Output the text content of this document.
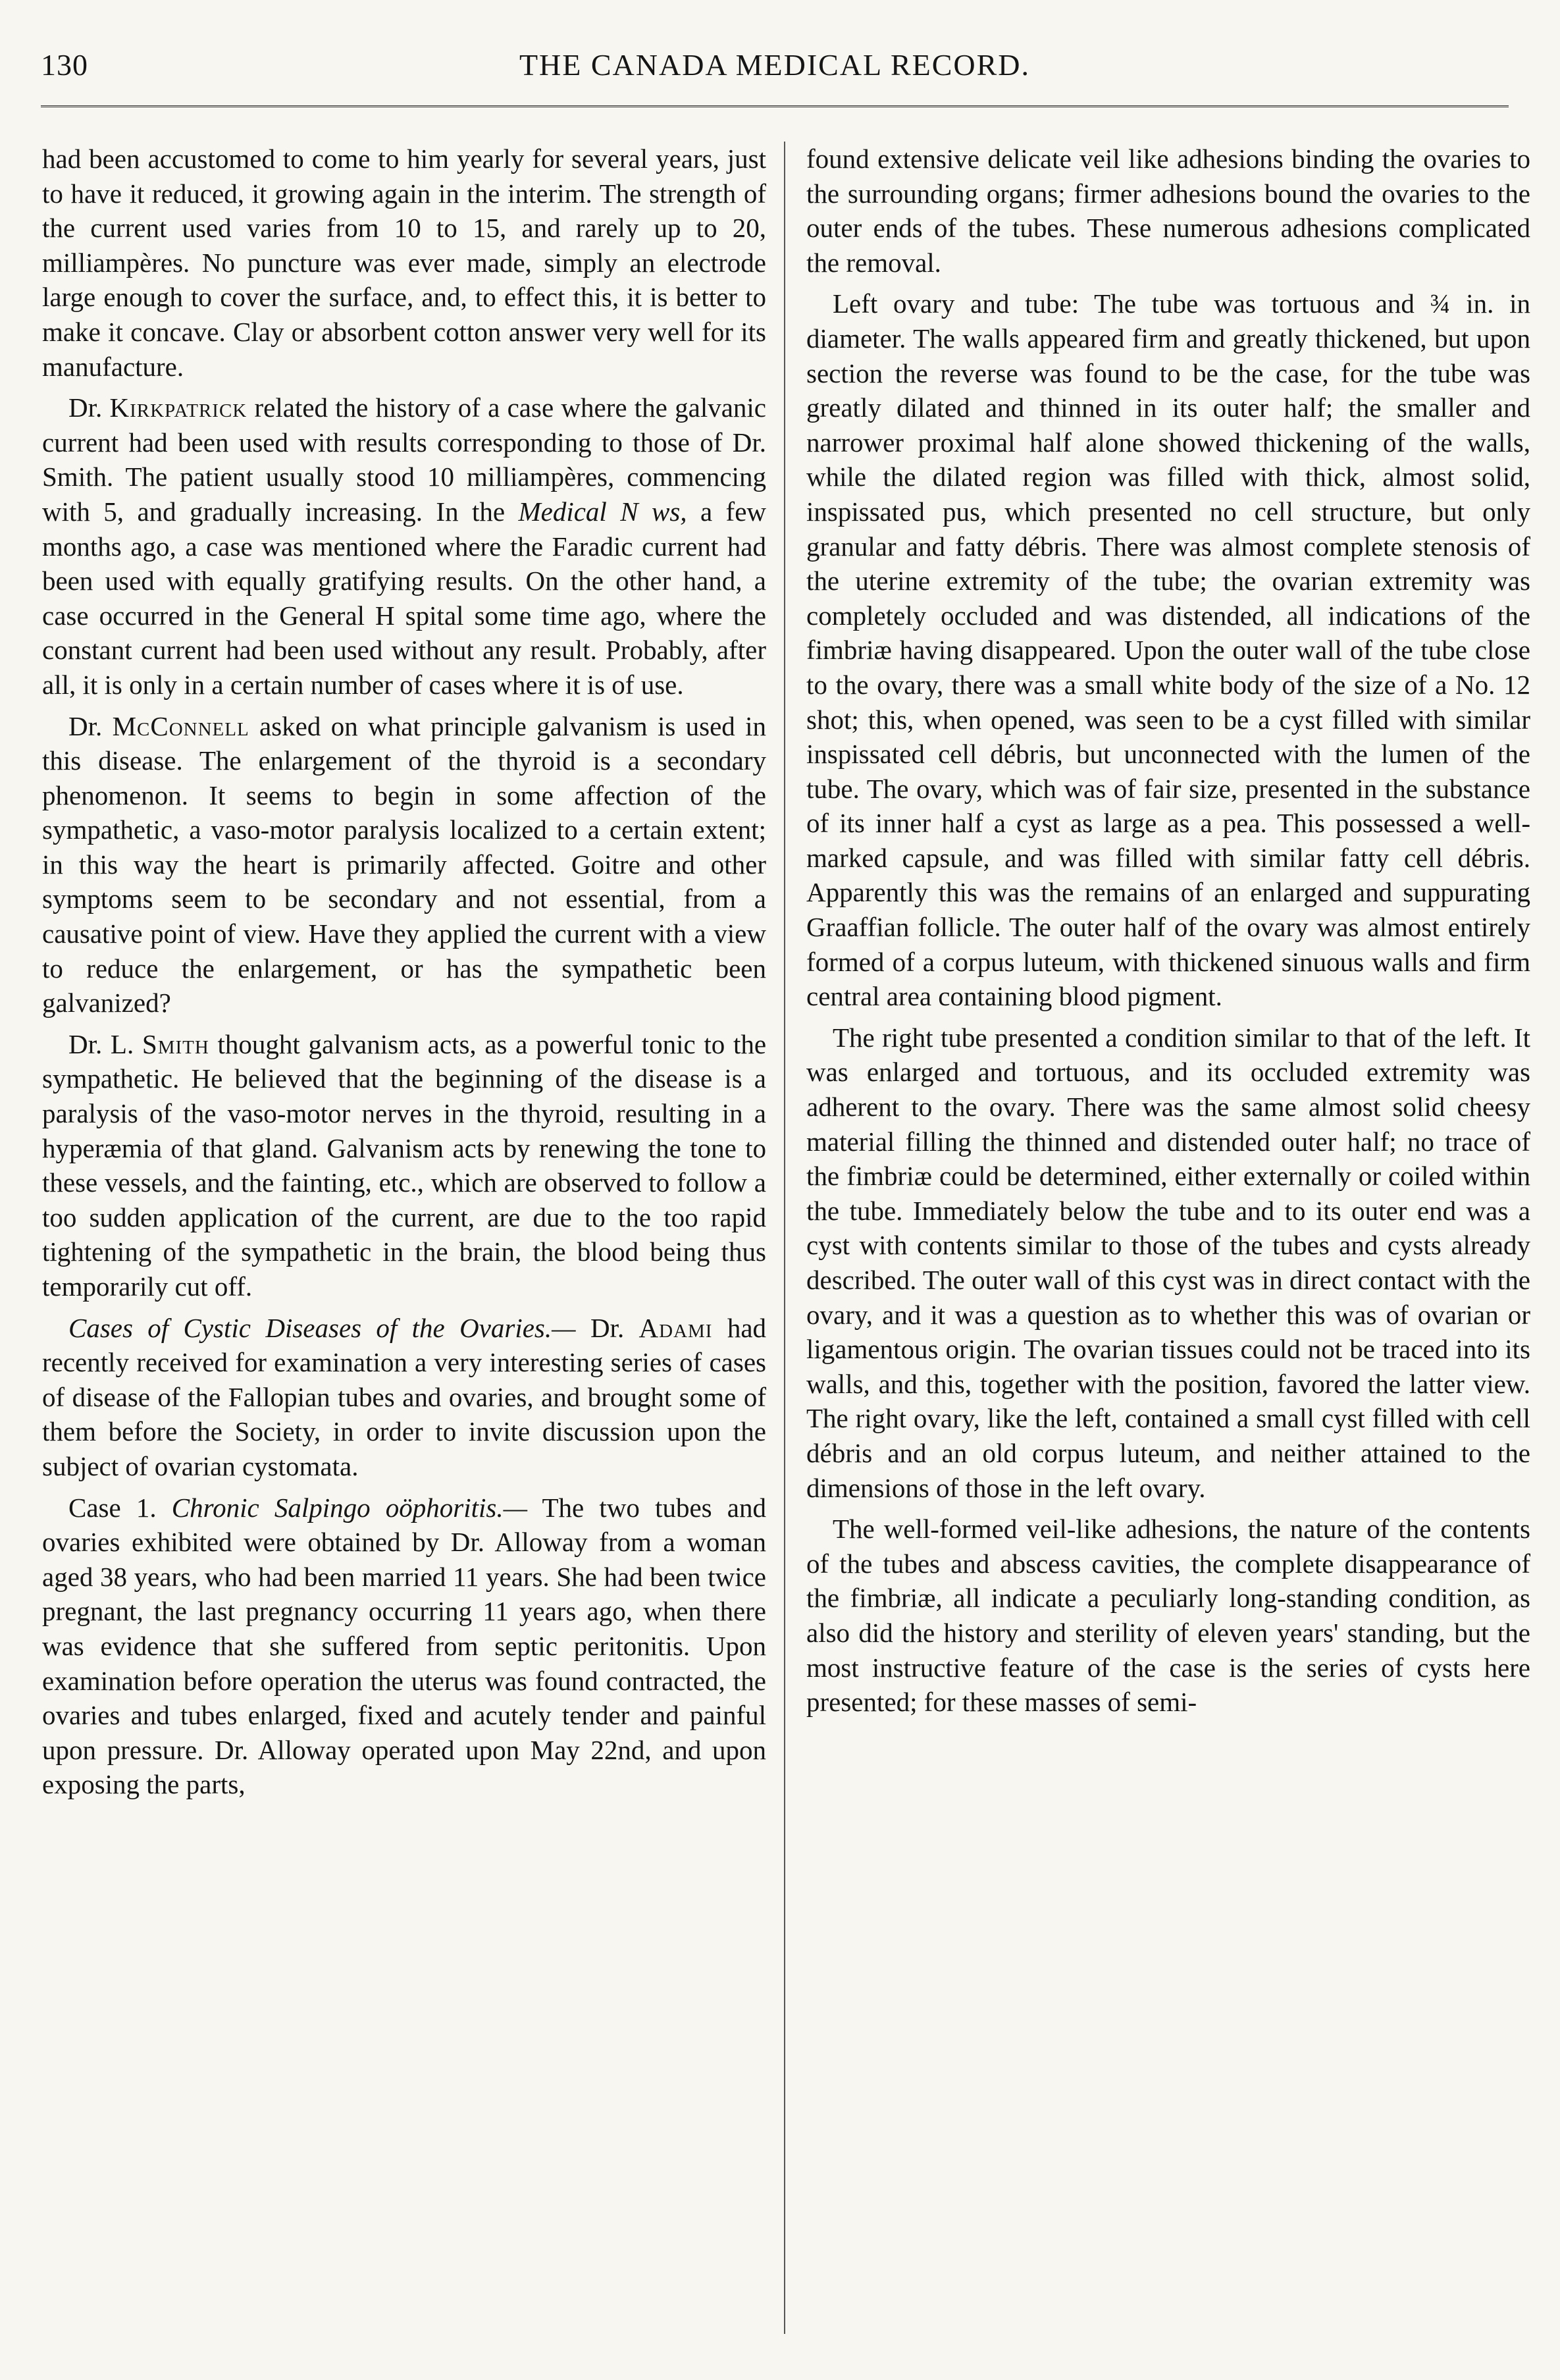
130	THE CANADA MEDICAL RECORD.

had been accustomed to come to him yearly for several years, just to have it reduced, it growing again in the interim. The strength of the current used varies from 10 to 15, and rarely up to 20, milliampères. No puncture was ever made, simply an electrode large enough to cover the surface, and, to effect this, it is better to make it concave. Clay or absorbent cotton answer very well for its manufacture.

Dr. Kirkpatrick related the history of a case where the galvanic current had been used with results corresponding to those of Dr. Smith. The patient usually stood 10 milliampères, commencing with 5, and gradually increasing. In the Medical N ws, a few months ago, a case was mentioned where the Faradic current had been used with equally gratifying results. On the other hand, a case occurred in the General H spital some time ago, where the constant current had been used without any result. Probably, after all, it is only in a certain number of cases where it is of use.

Dr. McConnell asked on what principle galvanism is used in this disease. The enlargement of the thyroid is a secondary phenomenon. It seems to begin in some affection of the sympathetic, a vaso-motor paralysis localized to a certain extent; in this way the heart is primarily affected. Goitre and other symptoms seem to be secondary and not essential, from a causative point of view. Have they applied the current with a view to reduce the enlargement, or has the sympathetic been galvanized?

Dr. L. Smith thought galvanism acts, as a powerful tonic to the sympathetic. He believed that the beginning of the disease is a paralysis of the vaso-motor nerves in the thyroid, resulting in a hyperæmia of that gland. Galvanism acts by renewing the tone to these vessels, and the fainting, etc., which are observed to follow a too sudden application of the current, are due to the too rapid tightening of the sympathetic in the brain, the blood being thus temporarily cut off.

Cases of Cystic Diseases of the Ovaries.— Dr. Adami had recently received for examination a very interesting series of cases of disease of the Fallopian tubes and ovaries, and brought some of them before the Society, in order to invite discussion upon the subject of ovarian cystomata.

Case 1. Chronic Salpingo oöphoritis.— The two tubes and ovaries exhibited were obtained by Dr. Alloway from a woman aged 38 years, who had been married 11 years. She had been twice pregnant, the last pregnancy occurring 11 years ago, when there was evidence that she suffered from septic peritonitis. Upon examination before operation the uterus was found contracted, the ovaries and tubes enlarged, fixed and acutely tender and painful upon pressure. Dr. Alloway operated upon May 22nd, and upon exposing the parts,

found extensive delicate veil like adhesions binding the ovaries to the surrounding organs; firmer adhesions bound the ovaries to the outer ends of the tubes. These numerous adhesions complicated the removal.

Left ovary and tube: The tube was tortuous and ¾ in. in diameter. The walls appeared firm and greatly thickened, but upon section the reverse was found to be the case, for the tube was greatly dilated and thinned in its outer half; the smaller and narrower proximal half alone showed thickening of the walls, while the dilated region was filled with thick, almost solid, inspissated pus, which presented no cell structure, but only granular and fatty débris. There was almost complete stenosis of the uterine extremity of the tube; the ovarian extremity was completely occluded and was distended, all indications of the fimbriæ having disappeared. Upon the outer wall of the tube close to the ovary, there was a small white body of the size of a No. 12 shot; this, when opened, was seen to be a cyst filled with similar inspissated cell débris, but unconnected with the lumen of the tube. The ovary, which was of fair size, presented in the substance of its inner half a cyst as large as a pea. This possessed a well-marked capsule, and was filled with similar fatty cell débris. Apparently this was the remains of an enlarged and suppurating Graaffian follicle. The outer half of the ovary was almost entirely formed of a corpus luteum, with thickened sinuous walls and firm central area containing blood pigment.

The right tube presented a condition similar to that of the left. It was enlarged and tortuous, and its occluded extremity was adherent to the ovary. There was the same almost solid cheesy material filling the thinned and distended outer half; no trace of the fimbriæ could be determined, either externally or coiled within the tube. Immediately below the tube and to its outer end was a cyst with contents similar to those of the tubes and cysts already described. The outer wall of this cyst was in direct contact with the ovary, and it was a question as to whether this was of ovarian or ligamentous origin. The ovarian tissues could not be traced into its walls, and this, together with the position, favored the latter view. The right ovary, like the left, contained a small cyst filled with cell débris and an old corpus luteum, and neither attained to the dimensions of those in the left ovary.

The well-formed veil-like adhesions, the nature of the contents of the tubes and abscess cavities, the complete disappearance of the fimbriæ, all indicate a peculiarly long-standing condition, as also did the history and sterility of eleven years' standing, but the most instructive feature of the case is the series of cysts here presented; for these masses of semi-
